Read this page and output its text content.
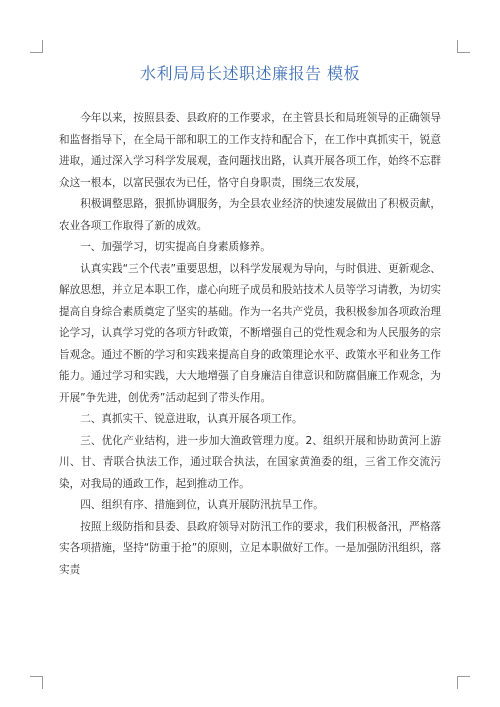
水利局局长述职述廉报告 模板

今年以来，按照县委、县政府的工作要求，在主管县长和局班领导的正确领导和监督指导下，在全局干部和职工的工作支持和配合下，在工作中真抓实干，锐意进取，通过深入学习科学发展观，查问题找出路，认真开展各项工作，始终不忘群众这一根本，以富民强农为已任，恪守自身职责，围绕三农发展，

积极调整思路，狠抓协调服务，为全县农业经济的快速发展做出了积极贡献，农业各项工作取得了新的成效。

一、加强学习，切实提高自身素质修养。

认真实践“三个代表”重要思想，以科学发展观为导向，与时俱进、更新观念、解放思想，并立足本职工作，虚心向班子成员和股站技术人员等学习请教，为切实提高自身综合素质奠定了坚实的基础。作为一名共产党员，我积极参加各项政治理论学习，认真学习党的各项方针政策，不断增强自己的党性观念和为人民服务的宗旨观念。通过不断的学习和实践来提高自身的政策理论水平、政策水平和业务工作能力。通过学习和实践，大大地增强了自身廉洁自律意识和防腐倡廉工作观念，为开展”争先进，创优秀”活动起到了带头作用。

二、真抓实干、锐意进取，认真开展各项工作。

三、优化产业结构，进一步加大渔政管理力度。2、组织开展和协助黄河上游川、甘、青联合执法工作，通过联合执法，在国家黄渔委的组，三省工作交流污染，对我局的通政工作，起到推动工作。

四、组织有序、措施到位，认真开展防汛抗旱工作。

按照上级防指和县委、县政府领导对防汛工作的要求，我们积极备汛，严格落实各项措施，坚持“防重于抢”的原则，立足本职做好工作。一是加强防汛组织，落实责
